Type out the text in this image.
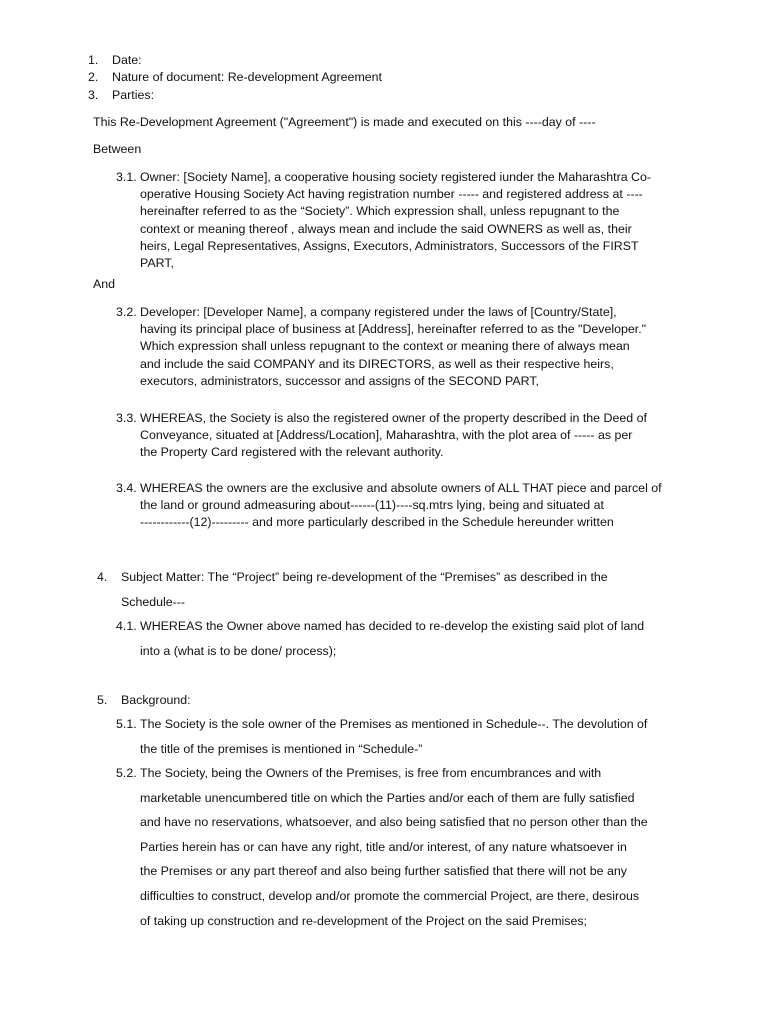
1. Date:
2. Nature of document: Re-development Agreement
3. Parties:
This Re-Development Agreement ("Agreement") is made and executed on this ----day of ----
Between
3.1. Owner: [Society Name], a cooperative housing society registered iunder the Maharashtra Co-
operative Housing Society Act having registration number ----- and registered address at ----
hereinafter referred to as the “Society”. Which expression shall, unless repugnant to the
context or meaning thereof , always mean and include the said OWNERS as well as, their
heirs, Legal Representatives, Assigns, Executors, Administrators, Successors of the FIRST
PART,
And
3.2. Developer: [Developer Name], a company registered under the laws of [Country/State],
having its principal place of business at [Address], hereinafter referred to as the "Developer."
Which expression shall unless repugnant to the context or meaning there of always mean
and include the said COMPANY and its DIRECTORS, as well as their respective heirs,
executors, administrators, successor and assigns of the SECOND PART,
3.3. WHEREAS, the Society is also the registered owner of the property described in the Deed of
Conveyance, situated at [Address/Location], Maharashtra, with the plot area of ----- as per
the Property Card registered with the relevant authority.
3.4. WHEREAS the owners are the exclusive and absolute owners of ALL THAT piece and parcel of
the land or ground admeasuring about------(11)----sq.mtrs lying, being and situated at
------------(12)--------- and more particularly described in the Schedule hereunder written
4. Subject Matter: The “Project” being re-development of the “Premises” as described in the
Schedule---
4.1. WHEREAS the Owner above named has decided to re-develop the existing said plot of land
into a (what is to be done/ process);
5. Background:
5.1. The Society is the sole owner of the Premises as mentioned in Schedule--. The devolution of
the title of the premises is mentioned in “Schedule-”
5.2. The Society, being the Owners of the Premises, is free from encumbrances and with
marketable unencumbered title on which the Parties and/or each of them are fully satisfied
and have no reservations, whatsoever, and also being satisfied that no person other than the
Parties herein has or can have any right, title and/or interest, of any nature whatsoever in
the Premises or any part thereof and also being further satisfied that there will not be any
difficulties to construct, develop and/or promote the commercial Project, are there, desirous
of taking up construction and re-development of the Project on the said Premises;
